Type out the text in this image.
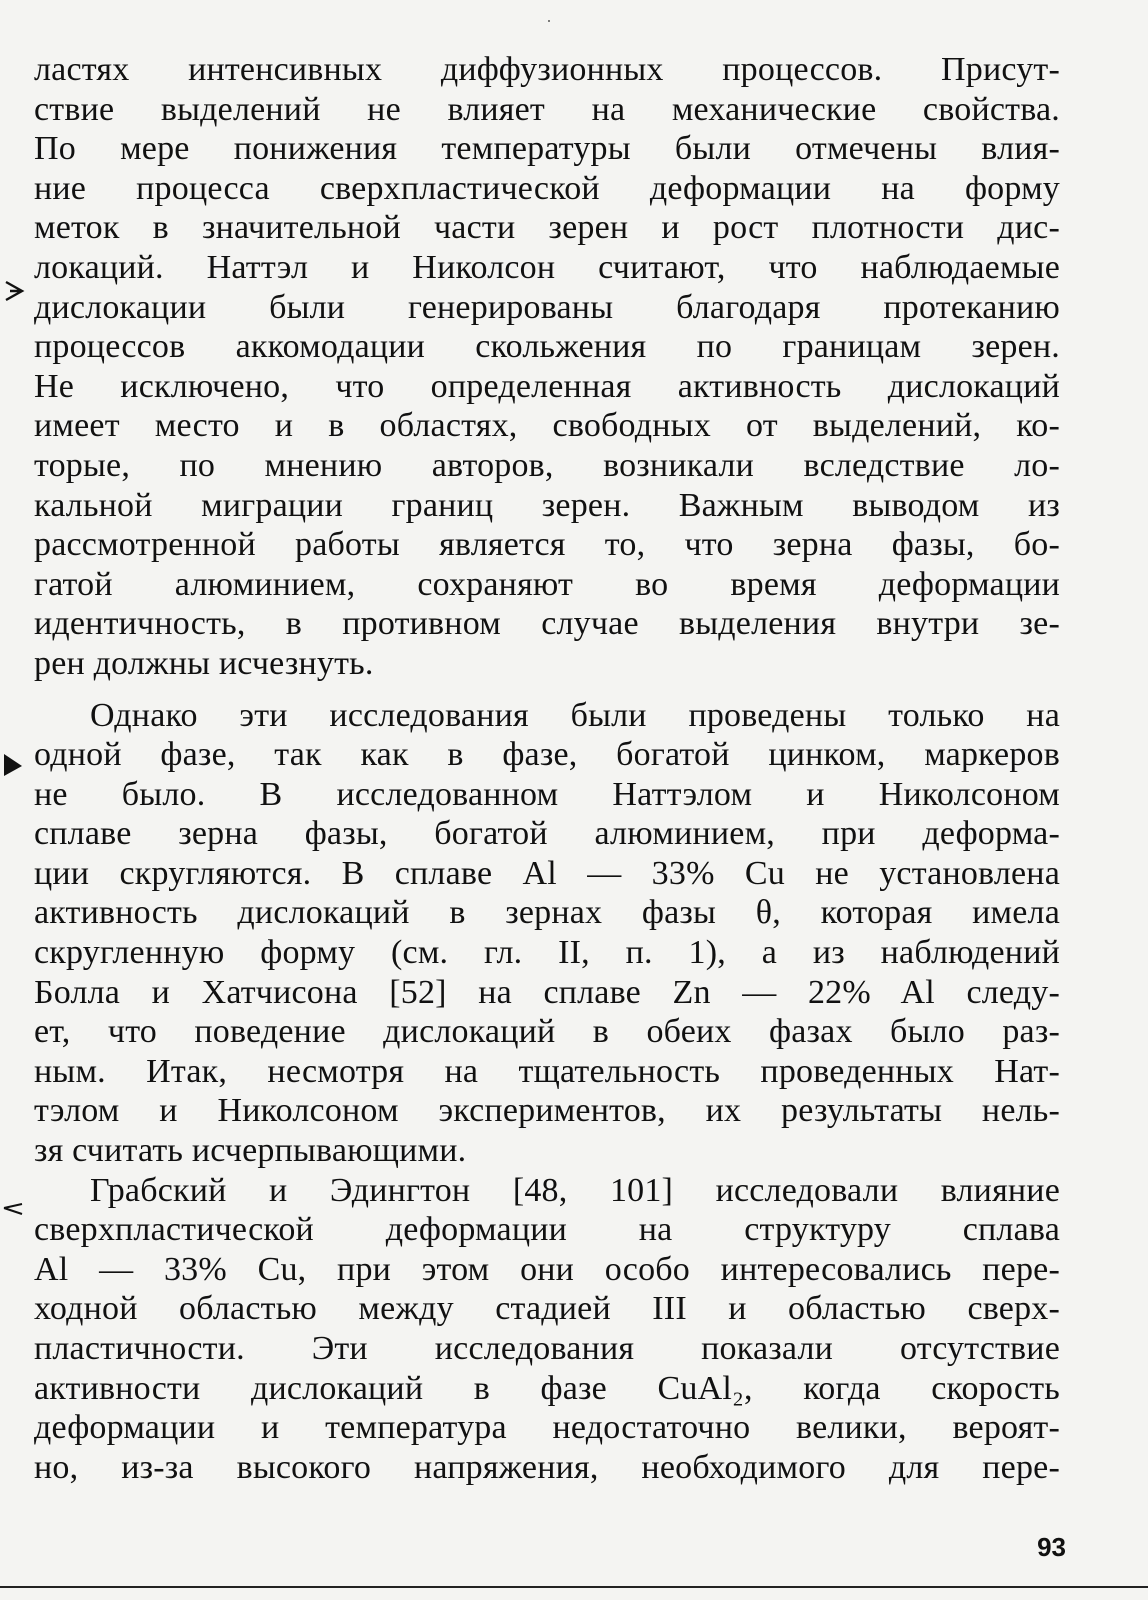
ластях интенсивных диффузионных процессов. Присут-
ствие выделений не влияет на механические свойства.
По мере понижения температуры были отмечены влия-
ние процесса сверхпластической деформации на форму
меток в значительной части зерен и рост плотности дис-
локаций. Наттэл и Николсон считают, что наблюдаемые
дислокации были генерированы благодаря протеканию
процессов аккомодации скольжения по границам зерен.
Не исключено, что определенная активность дислокаций
имеет место и в областях, свободных от выделений, ко-
торые, по мнению авторов, возникали вследствие ло-
кальной миграции границ зерен. Важным выводом из
рассмотренной работы является то, что зерна фазы, бо-
гатой алюминием, сохраняют во время деформации
идентичность, в противном случае выделения внутри зе-
рен должны исчезнуть.
Однако эти исследования были проведены только на
одной фазе, так как в фазе, богатой цинком, маркеров
не было. В исследованном Наттэлом и Николсоном
сплаве зерна фазы, богатой алюминием, при деформа-
ции скругляются. В сплаве Al — 33% Cu не установлена
активность дислокаций в зернах фазы θ, которая имела
скругленную форму (см. гл. II, п. 1), а из наблюдений
Болла и Хатчисона [52] на сплаве Zn — 22% Al следу-
ет, что поведение дислокаций в обеих фазах было раз-
ным. Итак, несмотря на тщательность проведенных Нат-
тэлом и Николсоном экспериментов, их результаты нель-
зя считать исчерпывающими.
Грабский и Эдингтон [48, 101] исследовали влияние
сверхпластической деформации на структуру сплава
Al — 33% Cu, при этом они особо интересовались пере-
ходной областью между стадией III и областью сверх-
пластичности. Эти исследования показали отсутствие
активности дислокаций в фазе CuAl₂, когда скорость
деформации и температура недостаточно велики, вероят-
но, из-за высокого напряжения, необходимого для пере-
93
